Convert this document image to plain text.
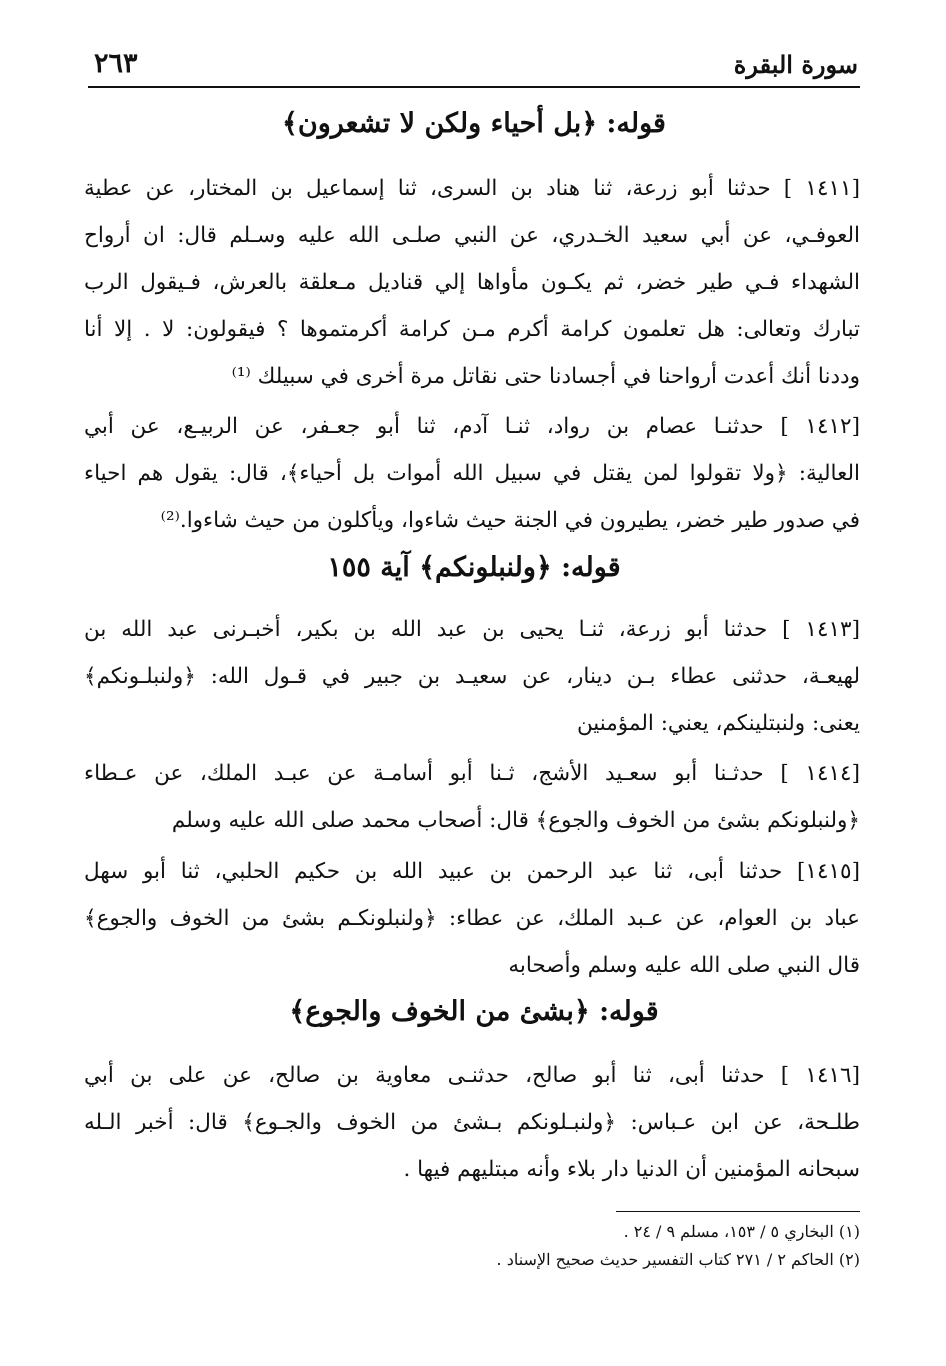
سورة البقرة
٢٦٣
قوله: ﴿بل أحياء ولكن لا تشعرون﴾
[١٤١١ ] حدثنا أبو زرعة، ثنا هناد بن السرى، ثنا إسماعيل بن المختار، عن عطية
العوفـي، عن أبي سعيد الخـدري، عن النبي صلـى الله عليه وسـلم قال: ان أرواح
الشهداء فـي طير خضر، ثم يكـون مأواها إلي قناديل مـعلقة بالعرش، فـيقول الرب
تبارك وتعالى: هل تعلمون كرامة أكرم مـن كرامة أكرمتموها ؟ فيقولون: لا . إلا أنا
وددنا أنك أعدت أرواحنا في أجسادنا حتى نقاتل مرة أخرى في سبيلك ⁽¹⁾
[١٤١٢ ] حدثنـا عصام بن رواد، ثنـا آدم، ثنا أبو جعـفر، عن الربيـع، عن أبي
العالية: ﴿ولا تقولوا لمن يقتل في سبيل الله أموات بل أحياء﴾، قال: يقول هم احياء
في صدور طير خضر، يطيرون في الجنة حيث شاءوا، ويأكلون من حيث شاءوا.⁽²⁾
قوله: ﴿ولنبلونكم﴾ آية ١٥٥
[١٤١٣ ] حدثنا أبو زرعة، ثنـا يحيى بن عبد الله بن بكير، أخبـرنى عبد الله بن
لهيعـة، حدثنى عطاء بـن دينار، عن سعيـد بن جبير في قـول الله: ﴿ولنبلـونكم﴾
يعنى: ولنبتلينكم، يعني: المؤمنين
[١٤١٤ ] حدثـنا أبو سعـيد الأشج، ثـنا أبو أسامـة عن عبـد الملك، عن عـطاء
﴿ولنبلونكم بشئ من الخوف والجوع﴾ قال: أصحاب محمد صلى الله عليه وسلم
[١٤١٥] حدثنا أبى، ثنا عبد الرحمن بن عبيد الله بن حكيم الحلبي، ثنا أبو سهل
عباد بن العوام، عن عـبد الملك، عن عطاء: ﴿ولنبلونكـم بشئ من الخوف والجوع﴾
قال النبي صلى الله عليه وسلم وأصحابه
قوله: ﴿بشئ من الخوف والجوع﴾
[١٤١٦ ] حدثنا أبى، ثنا أبو صالح، حدثنـى معاوية بن صالح، عن على بن أبي
طلـحة، عن ابن عـباس: ﴿ولنبـلونكم بـشئ من الخوف والجـوع﴾ قال: أخبر الـله
سبحانه المؤمنين أن الدنيا دار بلاء وأنه مبتليهم فيها .
(١) البخاري ٥ / ١٥٣، مسلم ٩ / ٢٤ .
(٢) الحاكم ٢ / ٢٧١ كتاب التفسير حديث صحيح الإسناد .
